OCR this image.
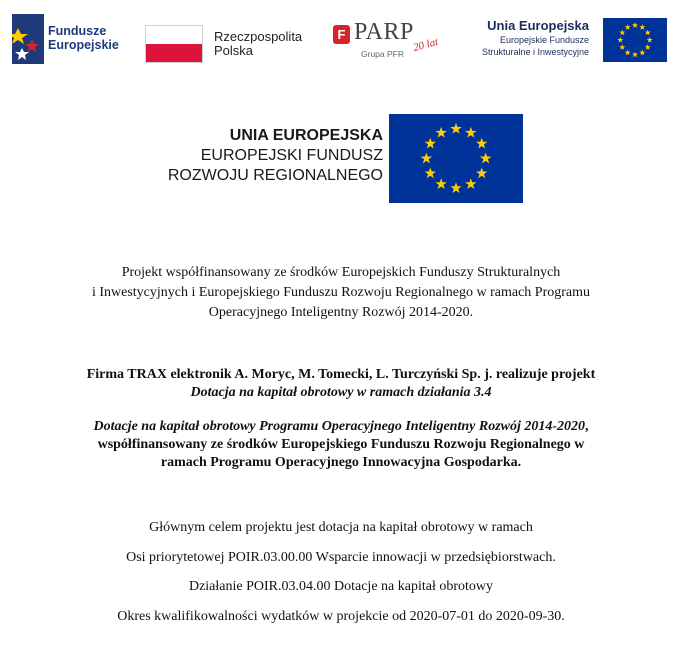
Fundusze
Europejskie
Rzeczpospolita
Polska
F PARP
Grupa PFR 20 lat
Unia Europejska
Europejskie Fundusze
Strukturalne i Inwestycyjne
UNIA EUROPEJSKA
EUROPEJSKI FUNDUSZ
ROZWOJU REGIONALNEGO
Projekt współfinansowany ze środków Europejskich Funduszy Strukturalnych
i Inwestycyjnych i Europejskiego Funduszu Rozwoju Regionalnego w ramach Programu
Operacyjnego Inteligentny Rozwój 2014-2020.
Firma TRAX elektronik A. Moryc, M. Tomecki, L. Turczyński Sp. j. realizuje projekt
Dotacja na kapitał obrotowy w ramach działania 3.4
Dotacje na kapitał obrotowy Programu Operacyjnego Inteligentny Rozwój 2014-2020,
współfinansowany ze środków Europejskiego Funduszu Rozwoju Regionalnego w
ramach Programu Operacyjnego Innowacyjna Gospodarka.
Głównym celem projektu jest dotacja na kapitał obrotowy w ramach
Osi priorytetowej POIR.03.00.00 Wsparcie innowacji w przedsiębiorstwach.
Działanie POIR.03.04.00 Dotacje na kapitał obrotowy
Okres kwalifikowalności wydatków w projekcie od 2020-07-01 do 2020-09-30.
